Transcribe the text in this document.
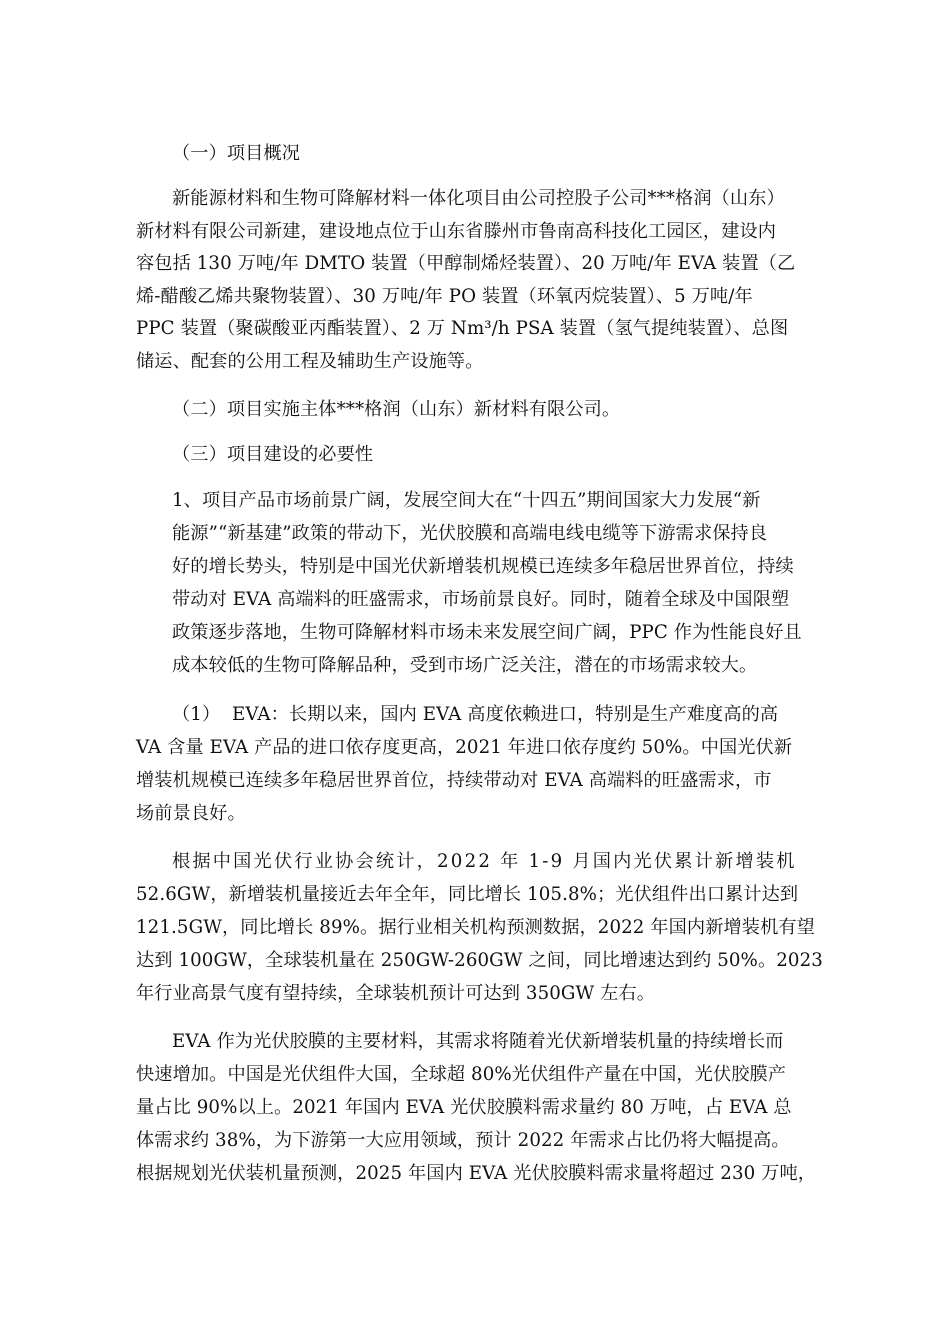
（一）项目概况
新能源材料和生物可降解材料一体化项目由公司控股子公司***格润（山东）
新材料有限公司新建，建设地点位于山东省滕州市鲁南高科技化工园区，建设内
容包括 130 万吨/年 DMTO 装置（甲醇制烯烃装置）、20 万吨/年 EVA 装置（乙
烯-醋酸乙烯共聚物装置）、30 万吨/年 PO 装置（环氧丙烷装置）、5 万吨/年
PPC 装置（聚碳酸亚丙酯装置）、2 万 Nm³/h PSA 装置（氢气提纯装置）、总图
储运、配套的公用工程及辅助生产设施等。
（二）项目实施主体***格润（山东）新材料有限公司。
（三）项目建设的必要性
1、项目产品市场前景广阔，发展空间大在“十四五”期间国家大力发展“新
能源”“新基建”政策的带动下，光伏胶膜和高端电线电缆等下游需求保持良
好的增长势头，特别是中国光伏新增装机规模已连续多年稳居世界首位，持续
带动对 EVA 高端料的旺盛需求，市场前景良好。同时，随着全球及中国限塑
政策逐步落地，生物可降解材料市场未来发展空间广阔，PPC 作为性能良好且
成本较低的生物可降解品种，受到市场广泛关注，潜在的市场需求较大。
（1）  EVA：长期以来，国内 EVA 高度依赖进口，特别是生产难度高的高
VA 含量 EVA 产品的进口依存度更高，2021 年进口依存度约 50%。中国光伏新
增装机规模已连续多年稳居世界首位，持续带动对 EVA 高端料的旺盛需求，市
场前景良好。
根据中国光伏行业协会统计，2022 年 1-9 月国内光伏累计新增装机
52.6GW，新增装机量接近去年全年，同比增长 105.8%；光伏组件出口累计达到
121.5GW，同比增长 89%。据行业相关机构预测数据，2022 年国内新增装机有望
达到 100GW，全球装机量在 250GW-260GW 之间，同比增速达到约 50%。2023
年行业高景气度有望持续，全球装机预计可达到 350GW 左右。
EVA 作为光伏胶膜的主要材料，其需求将随着光伏新增装机量的持续增长而
快速增加。中国是光伏组件大国，全球超 80%光伏组件产量在中国，光伏胶膜产
量占比 90%以上。2021 年国内 EVA 光伏胶膜料需求量约 80 万吨，占 EVA 总
体需求约 38%，为下游第一大应用领域，预计 2022 年需求占比仍将大幅提高。
根据规划光伏装机量预测，2025 年国内 EVA 光伏胶膜料需求量将超过 230 万吨，
